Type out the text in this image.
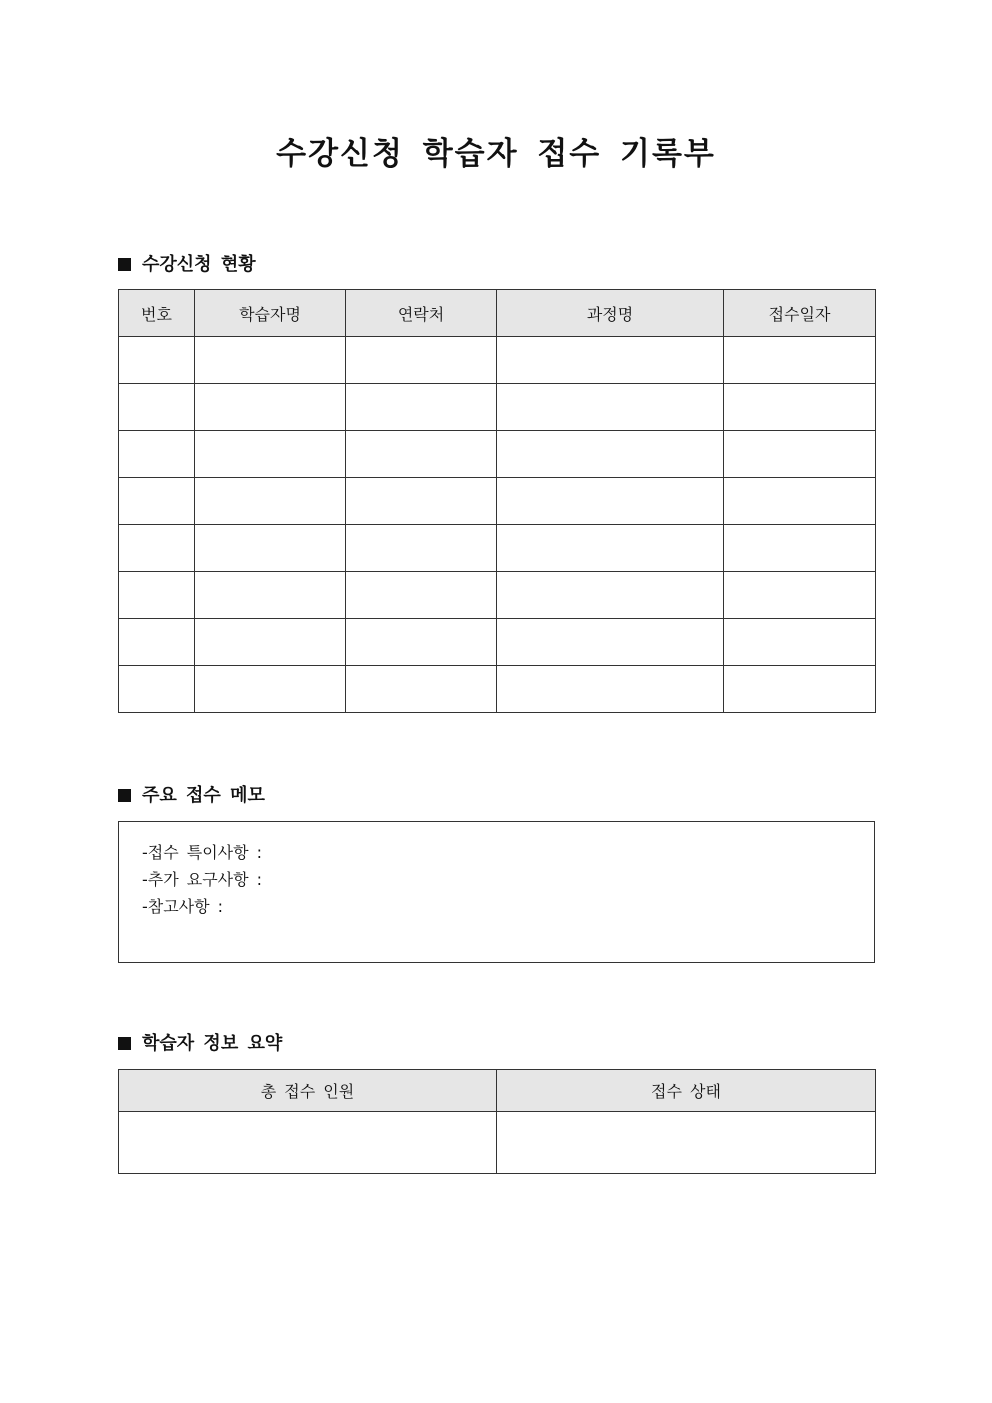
수강신청 학습자 접수 기록부
수강신청 현황
번호	학습자명	연락처	과정명	접수일자

주요 접수 메모
-접수 특이사항 :
-추가 요구사항 :
-참고사항 :
학습자 정보 요약
총 접수 인원	접수 상태
